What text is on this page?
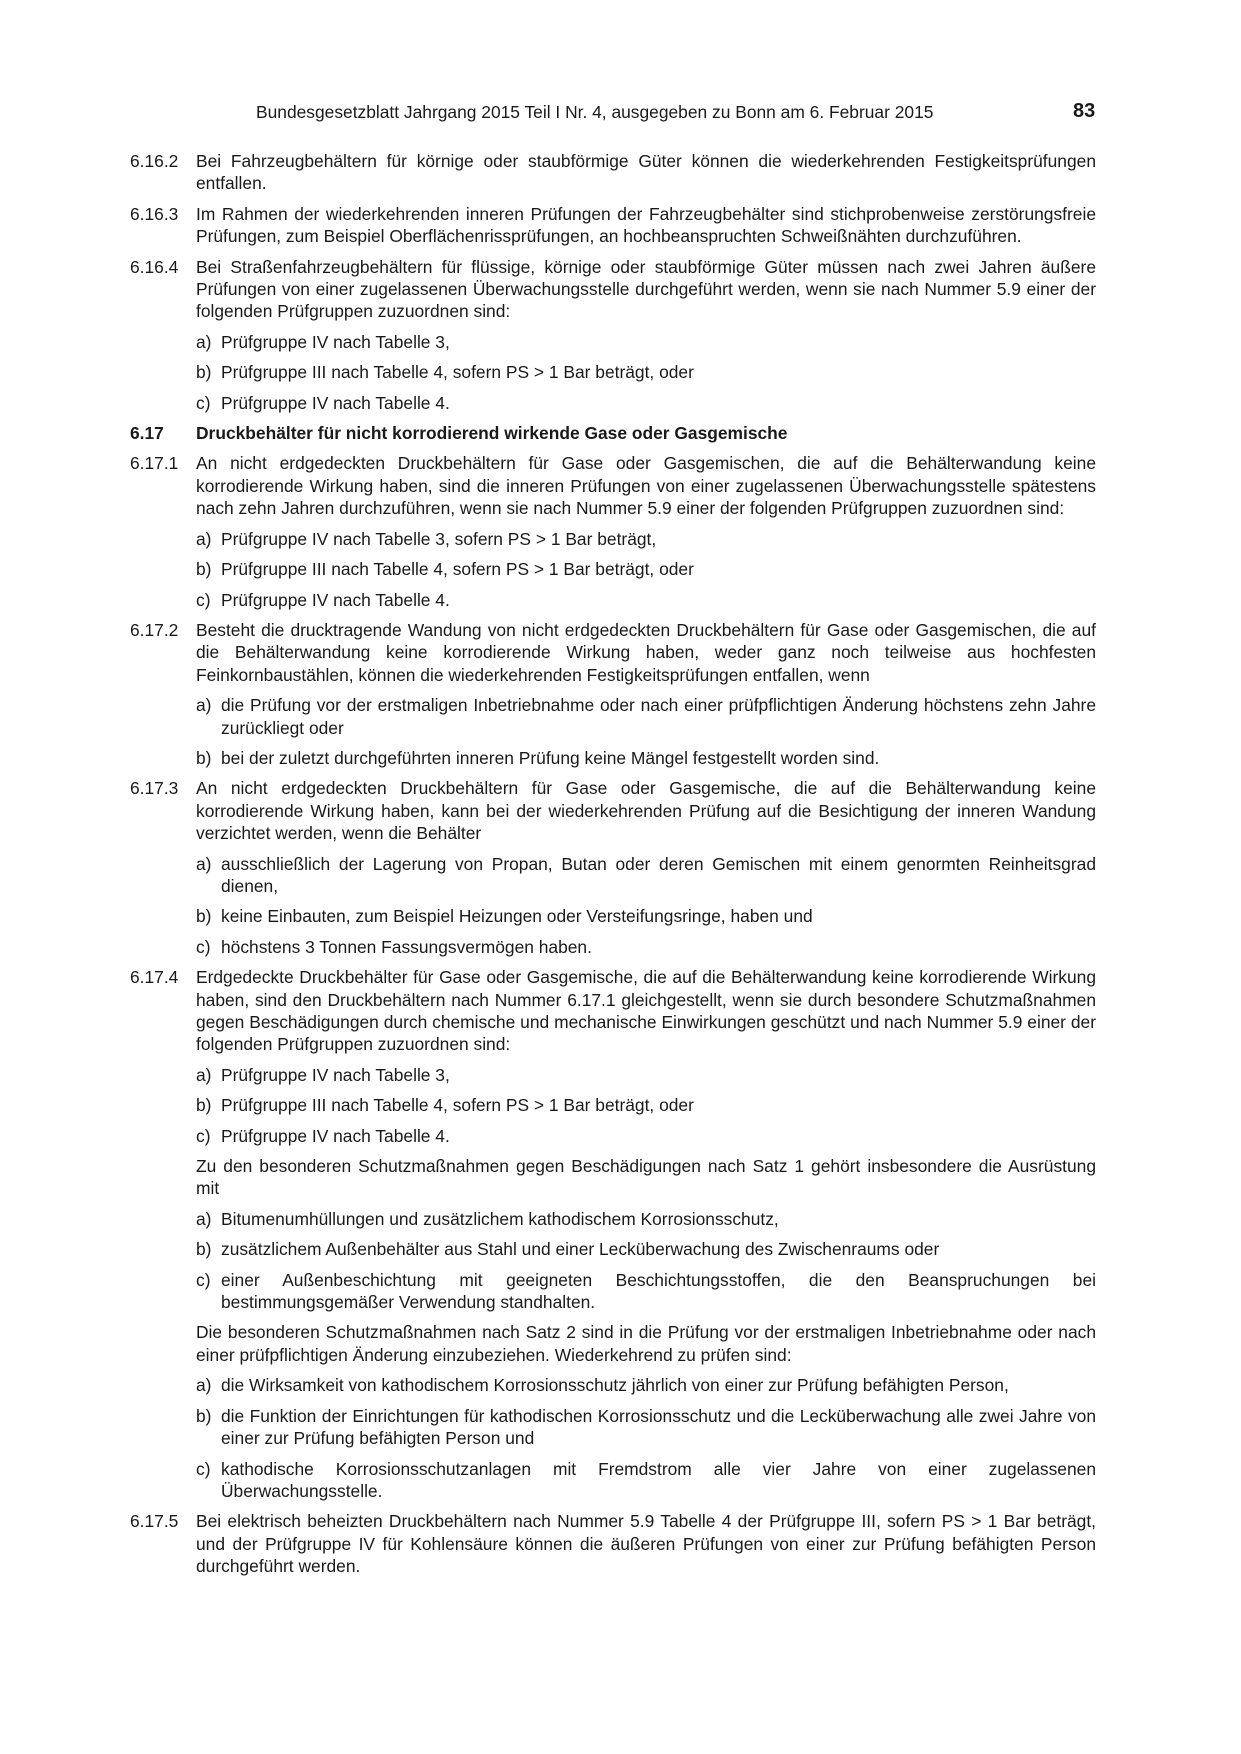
Bundesgesetzblatt Jahrgang 2015 Teil I Nr. 4, ausgegeben zu Bonn am 6. Februar 2015	83
6.16.2	Bei Fahrzeugbehältern für körnige oder staubförmige Güter können die wiederkehrenden Festigkeitsprüfungen entfallen.
6.16.3	Im Rahmen der wiederkehrenden inneren Prüfungen der Fahrzeugbehälter sind stichprobenweise zerstörungsfreie Prüfungen, zum Beispiel Oberflächenrissprüfungen, an hochbeanspruchten Schweißnähten durchzuführen.
6.16.4	Bei Straßenfahrzeugbehältern für flüssige, körnige oder staubförmige Güter müssen nach zwei Jahren äußere Prüfungen von einer zugelassenen Überwachungsstelle durchgeführt werden, wenn sie nach Nummer 5.9 einer der folgenden Prüfgruppen zuzuordnen sind:
a) Prüfgruppe IV nach Tabelle 3,
b) Prüfgruppe III nach Tabelle 4, sofern PS > 1 Bar beträgt, oder
c) Prüfgruppe IV nach Tabelle 4.
6.17	Druckbehälter für nicht korrodierend wirkende Gase oder Gasgemische
6.17.1	An nicht erdgedeckten Druckbehältern für Gase oder Gasgemischen, die auf die Behälterwandung keine korrodierende Wirkung haben, sind die inneren Prüfungen von einer zugelassenen Überwachungsstelle spätestens nach zehn Jahren durchzuführen, wenn sie nach Nummer 5.9 einer der folgenden Prüfgruppen zuzuordnen sind:
a) Prüfgruppe IV nach Tabelle 3, sofern PS > 1 Bar beträgt,
b) Prüfgruppe III nach Tabelle 4, sofern PS > 1 Bar beträgt, oder
c) Prüfgruppe IV nach Tabelle 4.
6.17.2	Besteht die drucktragende Wandung von nicht erdgedeckten Druckbehältern für Gase oder Gasgemischen, die auf die Behälterwandung keine korrodierende Wirkung haben, weder ganz noch teilweise aus hochfesten Feinkornbaustählen, können die wiederkehrenden Festigkeitsprüfungen entfallen, wenn
a) die Prüfung vor der erstmaligen Inbetriebnahme oder nach einer prüfpflichtigen Änderung höchstens zehn Jahre zurückliegt oder
b) bei der zuletzt durchgeführten inneren Prüfung keine Mängel festgestellt worden sind.
6.17.3	An nicht erdgedeckten Druckbehältern für Gase oder Gasgemische, die auf die Behälterwandung keine korrodierende Wirkung haben, kann bei der wiederkehrenden Prüfung auf die Besichtigung der inneren Wandung verzichtet werden, wenn die Behälter
a) ausschließlich der Lagerung von Propan, Butan oder deren Gemischen mit einem genormten Reinheitsgrad dienen,
b) keine Einbauten, zum Beispiel Heizungen oder Versteifungsringe, haben und
c) höchstens 3 Tonnen Fassungsvermögen haben.
6.17.4	Erdgedeckte Druckbehälter für Gase oder Gasgemische, die auf die Behälterwandung keine korrodierende Wirkung haben, sind den Druckbehältern nach Nummer 6.17.1 gleichgestellt, wenn sie durch besondere Schutzmaßnahmen gegen Beschädigungen durch chemische und mechanische Einwirkungen geschützt und nach Nummer 5.9 einer der folgenden Prüfgruppen zuzuordnen sind:
a) Prüfgruppe IV nach Tabelle 3,
b) Prüfgruppe III nach Tabelle 4, sofern PS > 1 Bar beträgt, oder
c) Prüfgruppe IV nach Tabelle 4.
Zu den besonderen Schutzmaßnahmen gegen Beschädigungen nach Satz 1 gehört insbesondere die Ausrüstung mit
a) Bitumenumhüllungen und zusätzlichem kathodischem Korrosionsschutz,
b) zusätzlichem Außenbehälter aus Stahl und einer Lecküberwachung des Zwischenraums oder
c) einer Außenbeschichtung mit geeigneten Beschichtungsstoffen, die den Beanspruchungen bei bestimmungsgemäßer Verwendung standhalten.
Die besonderen Schutzmaßnahmen nach Satz 2 sind in die Prüfung vor der erstmaligen Inbetriebnahme oder nach einer prüfpflichtigen Änderung einzubeziehen. Wiederkehrend zu prüfen sind:
a) die Wirksamkeit von kathodischem Korrosionsschutz jährlich von einer zur Prüfung befähigten Person,
b) die Funktion der Einrichtungen für kathodischen Korrosionsschutz und die Lecküberwachung alle zwei Jahre von einer zur Prüfung befähigten Person und
c) kathodische Korrosionsschutzanlagen mit Fremdstrom alle vier Jahre von einer zugelassenen Überwachungsstelle.
6.17.5	Bei elektrisch beheizten Druckbehältern nach Nummer 5.9 Tabelle 4 der Prüfgruppe III, sofern PS > 1 Bar beträgt, und der Prüfgruppe IV für Kohlensäure können die äußeren Prüfungen von einer zur Prüfung befähigten Person durchgeführt werden.
